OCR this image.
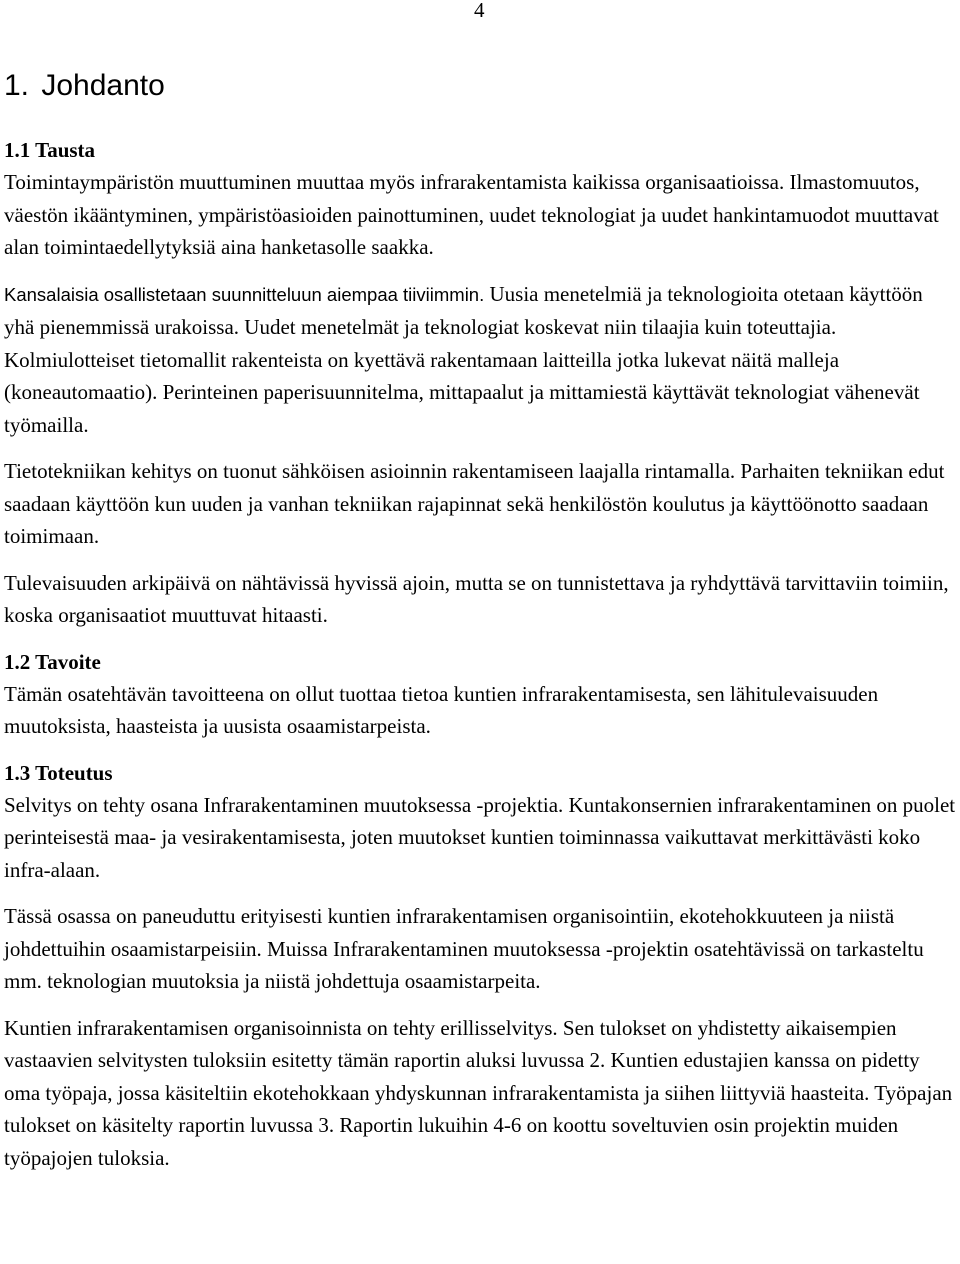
4
1. Johdanto
1.1 Tausta

Toimintaympäristön muuttuminen muuttaa myös infrarakentamista kaikissa organisaatioissa. Ilmastomuutos, väestön ikääntyminen, ympäristöasioiden painottuminen, uudet teknologiat ja uudet hankintamuodot muuttavat alan toimintaedellytyksiä aina hanketasolle saakka.

Kansalaisia osallistetaan suunnitteluun aiempaa tiiviimmin. Uusia menetelmiä ja teknologioita otetaan käyttöön yhä pienemmissä urakoissa. Uudet menetelmät ja teknologiat koskevat niin tilaajia kuin toteuttajia. Kolmiulotteiset tietomallit rakenteista on kyettävä rakentamaan laitteilla jotka lukevat näitä malleja (koneautomaatio). Perinteinen paperisuunnitelma, mittapaalut ja mittamiestä käyttävät teknologiat vähenevät työmailla.

Tietotekniikan kehitys on tuonut sähköisen asioinnin rakentamiseen laajalla rintamalla. Parhaiten tekniikan edut saadaan käyttöön kun uuden ja vanhan tekniikan rajapinnat sekä henkilöstön koulutus ja käyttöönotto saadaan toimimaan.

Tulevaisuuden arkipäivä on nähtävissä hyvissä ajoin, mutta se on tunnistettava ja ryhdyttävä tarvittaviin toimiin, koska organisaatiot muuttuvat hitaasti.

1.2 Tavoite

Tämän osatehtävän tavoitteena on ollut tuottaa tietoa kuntien infrarakentamisesta, sen lähitulevaisuuden muutoksista, haasteista ja uusista osaamistarpeista.

1.3 Toteutus

Selvitys on tehty osana Infrarakentaminen muutoksessa -projektia. Kuntakonsernien infrarakentaminen on puolet perinteisestä maa- ja vesirakentamisesta, joten muutokset kuntien toiminnassa vaikuttavat merkittävästi koko infra-alaan.

Tässä osassa on paneuduttu erityisesti kuntien infrarakentamisen organisointiin, ekotehokkuuteen ja niistä johdettuihin osaamistarpeisiin. Muissa Infrarakentaminen muutoksessa -projektin osatehtävissä on tarkasteltu mm. teknologian muutoksia ja niistä johdettuja osaamistarpeita.

Kuntien infrarakentamisen organisoinnista on tehty erillisselvitys. Sen tulokset on yhdistetty aikaisempien vastaavien selvitysten tuloksiin esitetty tämän raportin aluksi luvussa 2. Kuntien edustajien kanssa on pidetty oma työpaja, jossa käsiteltiin ekotehokkaan yhdyskunnan infrarakentamista ja siihen liittyviä haasteita. Työpajan tulokset on käsitelty raportin luvussa 3. Raportin lukuihin 4-6 on koottu soveltuvien osin projektin muiden työpajojen tuloksia.
